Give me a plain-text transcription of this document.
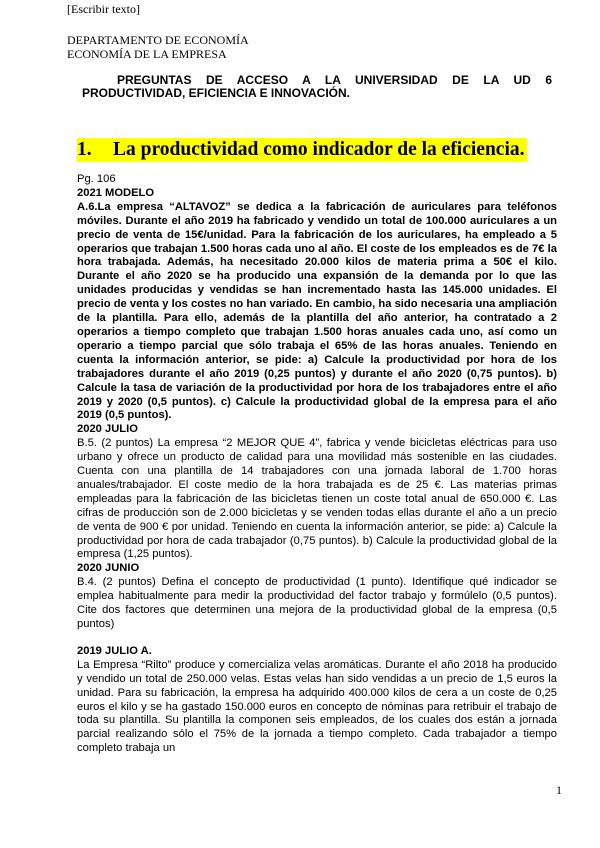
[Escribir texto]
DEPARTAMENTO DE ECONOMÍA
ECONOMÍA DE LA EMPRESA
PREGUNTAS DE ACCESO A LA UNIVERSIDAD DE LA UD 6
PRODUCTIVIDAD, EFICIENCIA E INNOVACIÓN.
1. La productividad como indicador de la eficiencia.

Pg. 106

2021 MODELO

A.6.La empresa “ALTAVOZ” se dedica a la fabricación de auriculares para teléfonos móviles. Durante el año 2019 ha fabricado y vendido un total de 100.000 auriculares a un precio de venta de 15€/unidad. Para la fabricación de los auriculares, ha empleado a 5 operarios que trabajan 1.500 horas cada uno al año. El coste de los empleados es de 7€ la hora trabajada. Además, ha necesitado 20.000 kilos de materia prima a 50€ el kilo. Durante el año 2020 se ha producido una expansión de la demanda por lo que las unidades producidas y vendidas se han incrementado hasta las 145.000 unidades. El precio de venta y los costes no han variado. En cambio, ha sido necesaria una ampliación de la plantilla. Para ello, además de la plantilla del año anterior, ha contratado a 2 operarios a tiempo completo que trabajan 1.500 horas anuales cada uno, así como un operario a tiempo parcial que sólo trabaja el 65% de las horas anuales. Teniendo en cuenta la información anterior, se pide: a) Calcule la productividad por hora de los trabajadores durante el año 2019 (0,25 puntos) y durante el año 2020 (0,75 puntos). b) Calcule la tasa de variación de la productividad por hora de los trabajadores entre el año 2019 y 2020 (0,5 puntos). c) Calcule la productividad global de la empresa para el año 2019 (0,5 puntos).

2020 JULIO

B.5. (2 puntos) La empresa “2 MEJOR QUE 4”, fabrica y vende bicicletas eléctricas para uso urbano y ofrece un producto de calidad para una movilidad más sostenible en las ciudades. Cuenta con una plantilla de 14 trabajadores con una jornada laboral de 1.700 horas anuales/trabajador. El coste medio de la hora trabajada es de 25 €. Las materias primas empleadas para la fabricación de las bicicletas tienen un coste total anual de 650.000 €. Las cifras de producción son de 2.000 bicicletas y se venden todas ellas durante el año a un precio de venta de 900 € por unidad. Teniendo en cuenta la información anterior, se pide: a) Calcule la productividad por hora de cada trabajador (0,75 puntos). b) Calcule la productividad global de la empresa (1,25 puntos).

2020 JUNIO

B.4. (2 puntos) Defina el concepto de productividad (1 punto). Identifique qué indicador se emplea habitualmente para medir la productividad del factor trabajo y formúlelo (0,5 puntos). Cite dos factores que determinen una mejora de la productividad global de la empresa (0,5 puntos)

2019 JULIO A.

La Empresa “Rilto” produce y comercializa velas aromáticas. Durante el año 2018 ha producido y vendido un total de 250.000 velas. Estas velas han sido vendidas a un precio de 1,5 euros la unidad. Para su fabricación, la empresa ha adquirido 400.000 kilos de cera a un coste de 0,25 euros el kilo y se ha gastado 150.000 euros en concepto de nóminas para retribuir el trabajo de toda su plantilla. Su plantilla la componen seis empleados, de los cuales dos están a jornada parcial realizando sólo el 75% de la jornada a tiempo completo. Cada trabajador a tiempo completo trabaja un

1
